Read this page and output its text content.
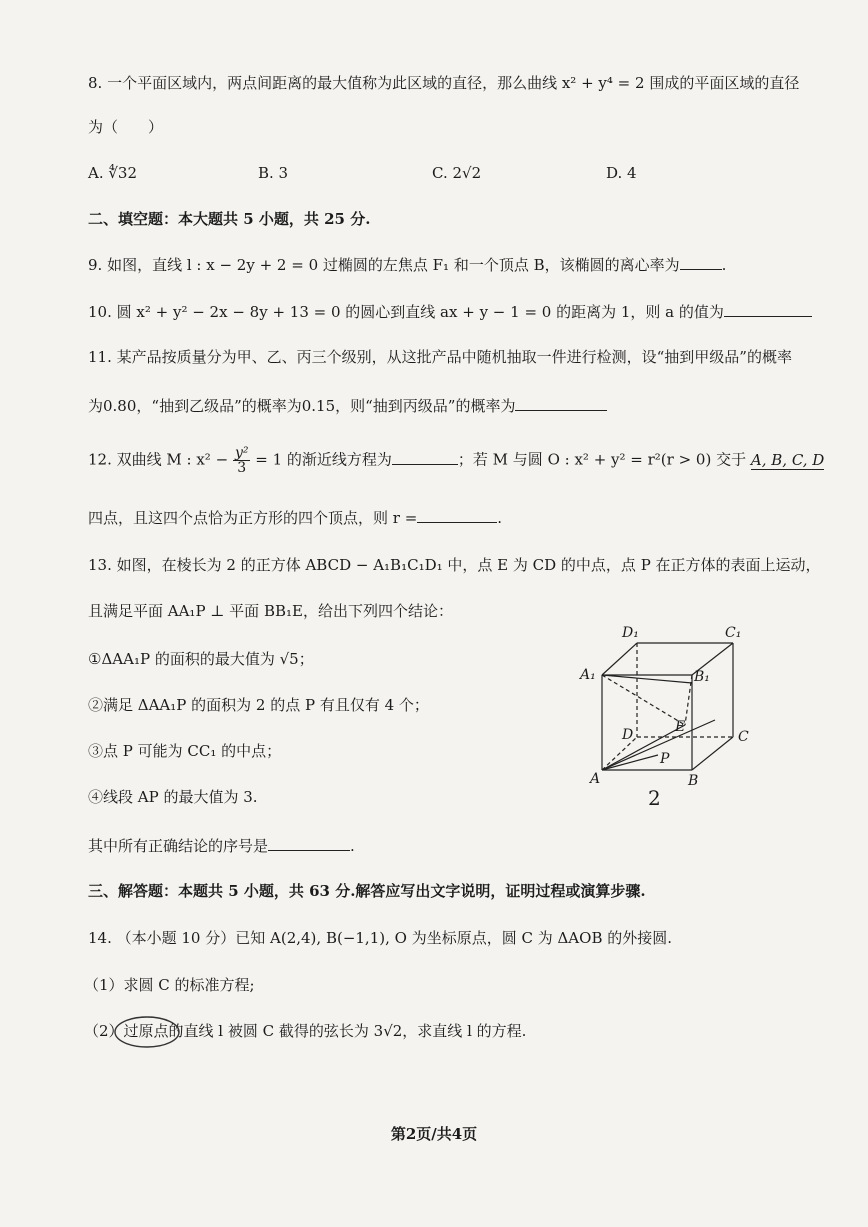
8. 一个平面区域内，两点间距离的最大值称为此区域的直径，那么曲线 x² + y⁴ = 2 围成的平面区域的直径
为（　　）
A. ∜32	B. 3	C. 2√2	D. 4
二、填空题：本大题共 5 小题，共 25 分.
9. 如图，直线 l : x − 2y + 2 = 0 过椭圆的左焦点 F₁ 和一个顶点 B，该椭圆的离心率为	.
10. 圆 x² + y² − 2x − 8y + 13 = 0 的圆心到直线 ax + y − 1 = 0 的距离为 1，则 a 的值为
11. 某产品按质量分为甲、乙、丙三个级别，从这批产品中随机抽取一件进行检测，设“抽到甲级品”的概率
为0.80，“抽到乙级品”的概率为0.15，则“抽到丙级品”的概率为
12. 双曲线 M : $x^2 - \frac{\text{y²}}{3} = 1$ 的渐近线方程为	；若 M 与圆 O : x² + y² = r²(r > 0) 交于 A, B, C, D
四点，且这四个点恰为正方形的四个顶点，则 r =	.
13. 如图，在棱长为 2 的正方体 ABCD − A₁B₁C₁D₁ 中，点 E 为 CD 的中点，点 P 在正方体的表面上运动，
且满足平面 AA₁P ⊥ 平面 BB₁E，给出下列四个结论：
①ΔAA₁P 的面积的最大值为 √5；
②满足 ΔAA₁P 的面积为 2 的点 P 有且仅有 4 个；
③点 P 可能为 CC₁ 的中点；
④线段 AP 的最大值为 3.
其中所有正确结论的序号是	.
D₁	C₁
A₁	B₁
D	E
C
P
A	B
2
三、解答题：本题共 5 小题，共 63 分.解答应写出文字说明，证明过程或演算步骤.
14. （本小题 10 分）已知 A(2,4), B(−1,1), O 为坐标原点，圆 C 为 ΔAOB 的外接圆.
（1）求圆 C 的标准方程;
（2）过原点的直线 l 被圆 C 截得的弦长为 3√2，求直线 l 的方程.
第2页/共4页
